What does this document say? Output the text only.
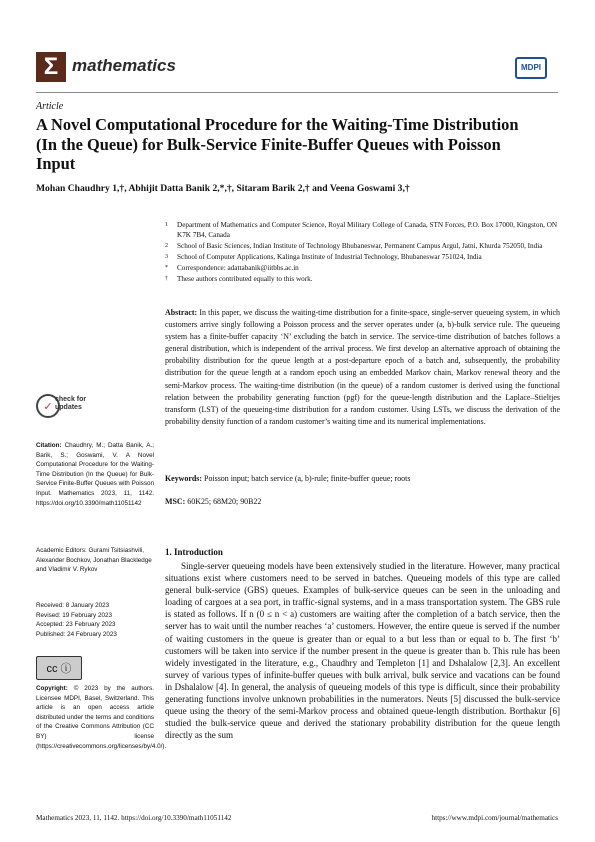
Σ mathematics	MDPI
Article
A Novel Computational Procedure for the Waiting-Time Distribution (In the Queue) for Bulk-Service Finite-Buffer Queues with Poisson Input
Mohan Chaudhry 1,†, Abhijit Datta Banik 2,*,†, Sitaram Barik 2,† and Veena Goswami 3,†
1	Department of Mathematics and Computer Science, Royal Military College of Canada, STN Forces, P.O. Box 17000, Kingston, ON K7K 7B4, Canada
2	School of Basic Sciences, Indian Institute of Technology Bhubaneswar, Permanent Campus Argul, Jatni, Khurda 752050, India
3	School of Computer Applications, Kalinga Institute of Industrial Technology, Bhubaneswar 751024, India
*	Correspondence: adattabanik@iitbbs.ac.in
†	These authors contributed equally to this work.
Abstract: In this paper, we discuss the waiting-time distribution for a finite-space, single-server queueing system, in which customers arrive singly following a Poisson process and the server operates under (a, b)-bulk service rule. The queueing system has a finite-buffer capacity ‘N’ excluding the batch in service. The service-time distribution of batches follows a general distribution, which is independent of the arrival process. We first develop an alternative approach of obtaining the probability distribution for the queue length at a post-departure epoch of a batch and, subsequently, the probability distribution for the queue length at a random epoch using an embedded Markov chain, Markov renewal theory and the semi-Markov process. The waiting-time distribution (in the queue) of a random customer is derived using the functional relation between the probability generating function (pgf) for the queue-length distribution and the Laplace–Stieltjes transform (LST) of the queueing-time distribution for a random customer. Using LSTs, we discuss the derivation of the probability density function of a random customer’s waiting time and its numerical implementations.
Keywords: Poisson input; batch service (a, b)-rule; finite-buffer queue; roots
MSC: 60K25; 68M20; 90B22
1. Introduction

Single-server queueing models have been extensively studied in the literature. However, many practical situations exist where customers need to be served in batches. Queueing models of this type are called general bulk-service (GBS) queues. Examples of bulk-service queues can be seen in the unloading and loading of cargoes at a sea port, in traffic-signal systems, and in a mass transportation system. The GBS rule is stated as follows. If n (0 ≤ n < a) customers are waiting after the completion of a batch service, then the server has to wait until the number reaches ‘a’ customers. However, the entire queue is served if the number of waiting customers in the queue is greater than or equal to a but less than or equal to b. The first ‘b’ customers will be taken into service if the number present in the queue is greater than b. This rule has been widely investigated in the literature, e.g., Chaudhry and Templeton [1] and Dshalalow [2,3]. An excellent survey of various types of infinite-buffer queues with bulk arrival, bulk service and vacations can be found in Dshalalow [4]. In general, the analysis of queueing models of this type is difficult, since their probability generating functions involve unknown probabilities in the numerators. Neuts [5] discussed the bulk-service queue using the theory of the semi-Markov process and obtained queue-length distribution. Borthakur [6] studied the bulk-service queue and derived the stationary probability distribution for the queue length directly as the sum

✓
check for
updates
Citation: Chaudhry, M.; Datta Banik, A.; Barik, S.; Goswami, V. A Novel Computational Procedure for the Waiting-Time Distribution (In the Queue) for Bulk-Service Finite-Buffer Queues with Poisson Input. Mathematics 2023, 11, 1142. https://doi.org/10.3390/math11051142
Academic Editors: Gurami Tsitsiashvili, Alexander Bochkov, Jonathan Blackledge and Vladimir V. Rykov
Received: 8 January 2023
Revised: 19 February 2023
Accepted: 23 February 2023
Published: 24 February 2023
cc ⓘ
Copyright: © 2023 by the authors. Licensee MDPI, Basel, Switzerland. This article is an open access article distributed under the terms and conditions of the Creative Commons Attribution (CC BY) license (https://creativecommons.org/licenses/by/4.0/).
Mathematics 2023, 11, 1142. https://doi.org/10.3390/math11051142	https://www.mdpi.com/journal/mathematics
